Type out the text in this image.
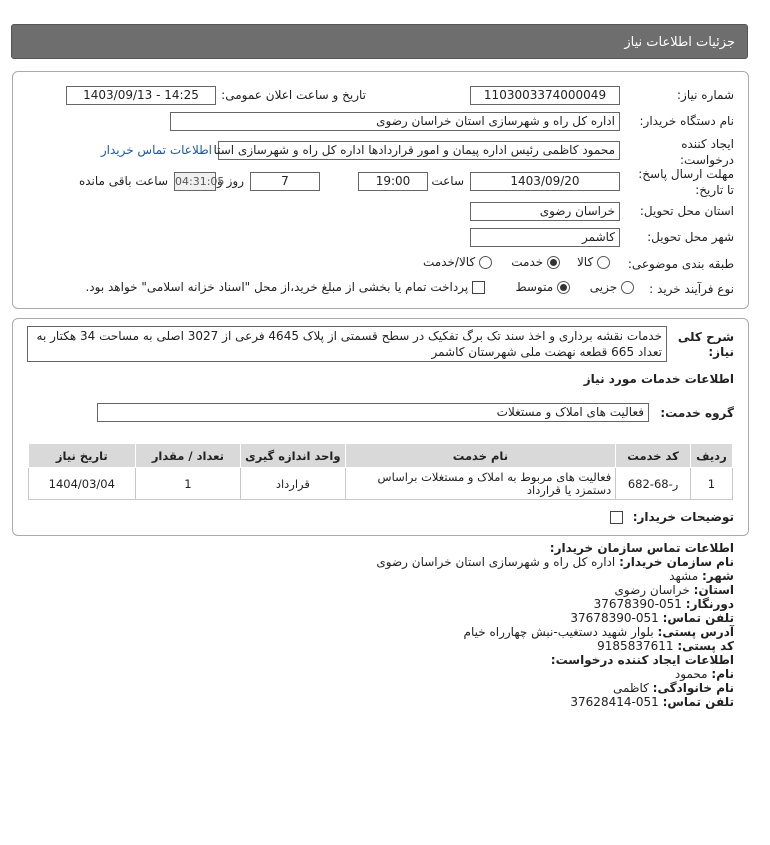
جزئیات اطلاعات نیاز
شماره نیاز:
1103003374000049
تاریخ و ساعت اعلان عمومی:
1403/09/13 - 14:25
نام دستگاه خریدار:
اداره کل راه و شهرسازی استان خراسان رضوی
ایجاد کننده
درخواست:
محمود کاظمی رئیس اداره پیمان و امور قراردادها اداره کل راه و شهرسازی استا
اطلاعات تماس خریدار
مهلت ارسال پاسخ:
تا تاریخ:
1403/09/20
ساعت
19:00
7
روز و
04:31:05
ساعت باقی مانده
استان محل تحویل:
خراسان رضوی
شهر محل تحویل:
کاشمر
طبقه بندی موضوعی:
کالا
خدمت
کالا/خدمت
نوع فرآیند خرید :
جزیی
متوسط
پرداخت تمام یا بخشی از مبلغ خرید،از محل "اسناد خزانه اسلامی" خواهد بود.
شرح کلی
نیاز:
خدمات نقشه برداری و اخذ سند تک برگ تفکیک در سطح قسمتی از پلاک 4645 فرعی از 3027 اصلی به مساحت 34 هکتار به تعداد 665 قطعه نهضت ملی شهرستان کاشمر
اطلاعات خدمات مورد نیاز
گروه خدمت:
فعالیت های املاک و مستغلات
ردیف	کد خدمت	نام خدمت	واحد اندازه گیری	تعداد / مقدار	تاریخ نیاز
1	ر-68-682	فعالیت های مربوط به املاک و مستغلات براساس دستمزد یا قرارداد	قرارداد	1	1404/03/04
توضیحات خریدار:
اطلاعات تماس سازمان خریدار:
نام سازمان خریدار: اداره کل راه و شهرسازی استان خراسان رضوی
شهر: مشهد
استان: خراسان رضوی
دورنگار: 051-37678390
تلفن تماس: 051-37678390
آدرس پستی: بلوار شهید دستغیب-نبش چهارراه خیام
کد پستی: 9185837611
اطلاعات ایجاد کننده درخواست:
نام: محمود
نام خانوادگی: کاظمی
تلفن تماس: 051-37628414
